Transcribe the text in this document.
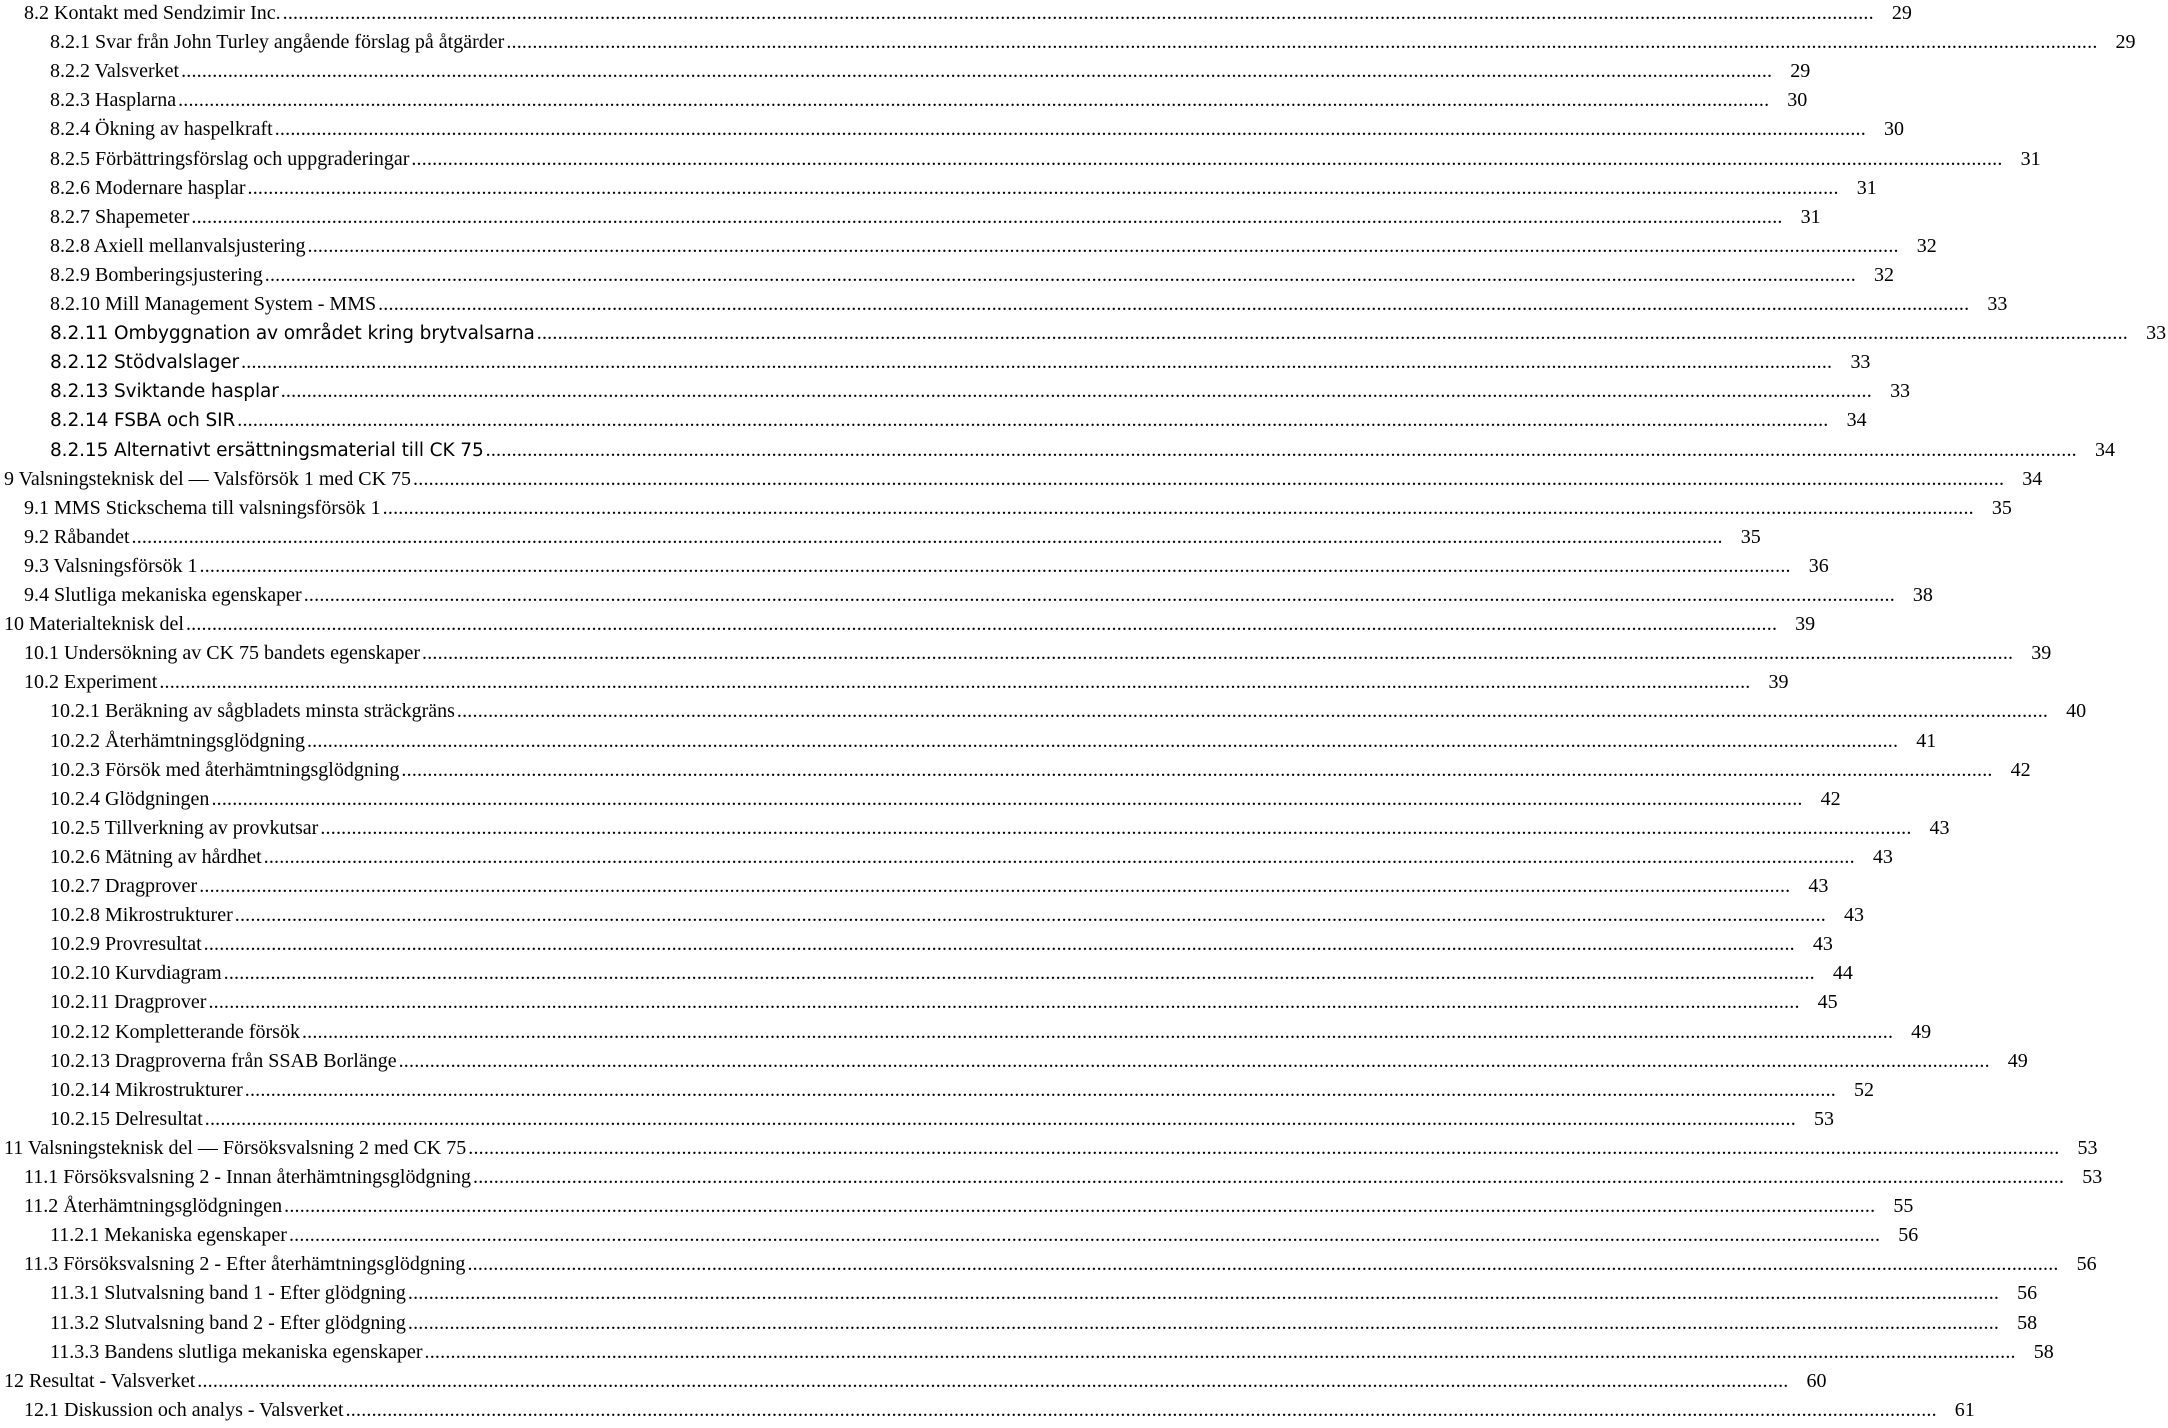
8.2 Kontakt med Sendzimir Inc. .....	29
8.2.1 Svar från John Turley angående förslag på åtgärder .....	29
8.2.2 Valsverket .....	29
8.2.3 Hasplarna .....	30
8.2.4 Ökning av haspelkraft .....	30
8.2.5 Förbättringsförslag och uppgraderingar .....	31
8.2.6 Modernare hasplar .....	31
8.2.7 Shapemeter .....	31
8.2.8 Axiell mellanvalsjustering .....	32
8.2.9 Bomberingsjustering .....	32
8.2.10 Mill Management System - MMS .....	33
8.2.11 Ombyggnation av området kring brytvalsarna .....	33
8.2.12 Stödvalslager .....	33
8.2.13 Sviktande hasplar .....	33
8.2.14 FSBA och SIR .....	34
8.2.15 Alternativt ersättningsmaterial till CK 75 .....	34
9 Valsningsteknisk del — Valsförsök 1 med CK 75 .....	34
9.1 MMS Stickschema till valsningsförsök 1 .....	35
9.2 Råbandet .....	35
9.3 Valsningsförsök 1 .....	36
9.4 Slutliga mekaniska egenskaper .....	38
10 Materialteknisk del .....	39
10.1 Undersökning av CK 75 bandets egenskaper .....	39
10.2 Experiment .....	39
10.2.1 Beräkning av sågbladets minsta sträckgräns .....	40
10.2.2 Återhämtningsglödgning .....	41
10.2.3 Försök med återhämtningsglödgning .....	42
10.2.4 Glödgningen .....	42
10.2.5 Tillverkning av provkutsar .....	43
10.2.6 Mätning av hårdhet .....	43
10.2.7 Dragprover .....	43
10.2.8 Mikrostrukturer .....	43
10.2.9 Provresultat .....	43
10.2.10 Kurvdiagram .....	44
10.2.11 Dragprover .....	45
10.2.12 Kompletterande försök .....	49
10.2.13 Dragproverna från SSAB Borlänge .....	49
10.2.14 Mikrostrukturer .....	52
10.2.15 Delresultat .....	53
11 Valsningsteknisk del — Försöksvalsning 2 med CK 75 .....	53
11.1 Försöksvalsning 2 - Innan återhämtningsglödgning .....	53
11.2 Återhämtningsglödgningen .....	55
11.2.1 Mekaniska egenskaper .....	56
11.3 Försöksvalsning 2 - Efter återhämtningsglödgning .....	56
11.3.1 Slutvalsning band 1 - Efter glödgning .....	56
11.3.2 Slutvalsning band 2 - Efter glödgning .....	58
11.3.3 Bandens slutliga mekaniska egenskaper .....	58
12 Resultat - Valsverket .....	60
12.1 Diskussion och analys - Valsverket .....	61
